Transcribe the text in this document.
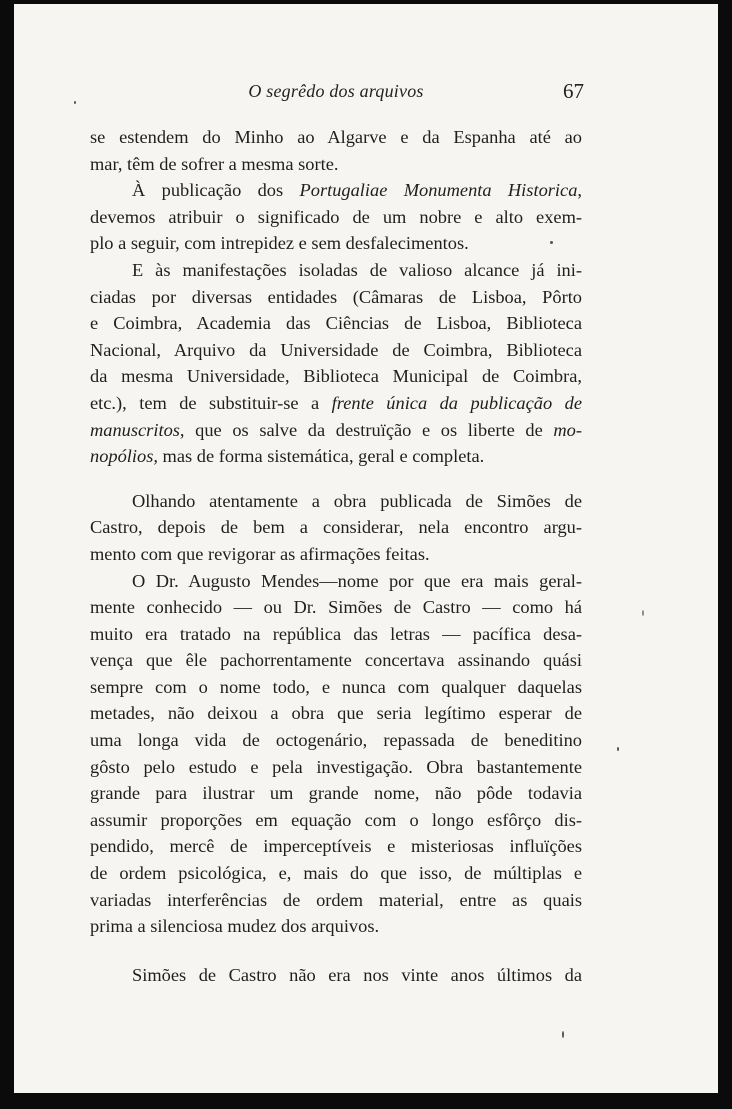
O segrêdo dos arquivos	67
se estendem do Minho ao Algarve e da Espanha até ao
mar, têm de sofrer a mesma sorte.
À publicação dos Portugaliae Monumenta Historica,
devemos atribuir o significado de um nobre e alto exem-
plo a seguir, com intrepidez e sem desfalecimentos.
E às manifestações isoladas de valioso alcance já ini-
ciadas por diversas entidades (Câmaras de Lisboa, Pôrto
e Coimbra, Academia das Ciências de Lisboa, Biblioteca
Nacional, Arquivo da Universidade de Coimbra, Biblioteca
da mesma Universidade, Biblioteca Municipal de Coimbra,
etc.), tem de substituir-se a frente única da publicação de
manuscritos, que os salve da destruïção e os liberte de mo-
nopólios, mas de forma sistemática, geral e completa.
Olhando atentamente a obra publicada de Simões de
Castro, depois de bem a considerar, nela encontro argu-
mento com que revigorar as afirmações feitas.
O Dr. Augusto Mendes—nome por que era mais geral-
mente conhecido — ou Dr. Simões de Castro — como há
muito era tratado na república das letras — pacífica desa-
vença que êle pachorrentamente concertava assinando quási
sempre com o nome todo, e nunca com qualquer daquelas
metades, não deixou a obra que seria legítimo esperar de
uma longa vida de octogenário, repassada de beneditino
gôsto pelo estudo e pela investigação. Obra bastantemente
grande para ilustrar um grande nome, não pôde todavia
assumir proporções em equação com o longo esfôrço dis-
pendido, mercê de imperceptíveis e misteriosas influïções
de ordem psicológica, e, mais do que isso, de múltiplas e
variadas interferências de ordem material, entre as quais
prima a silenciosa mudez dos arquivos.
Simões de Castro não era nos vinte anos últimos da
